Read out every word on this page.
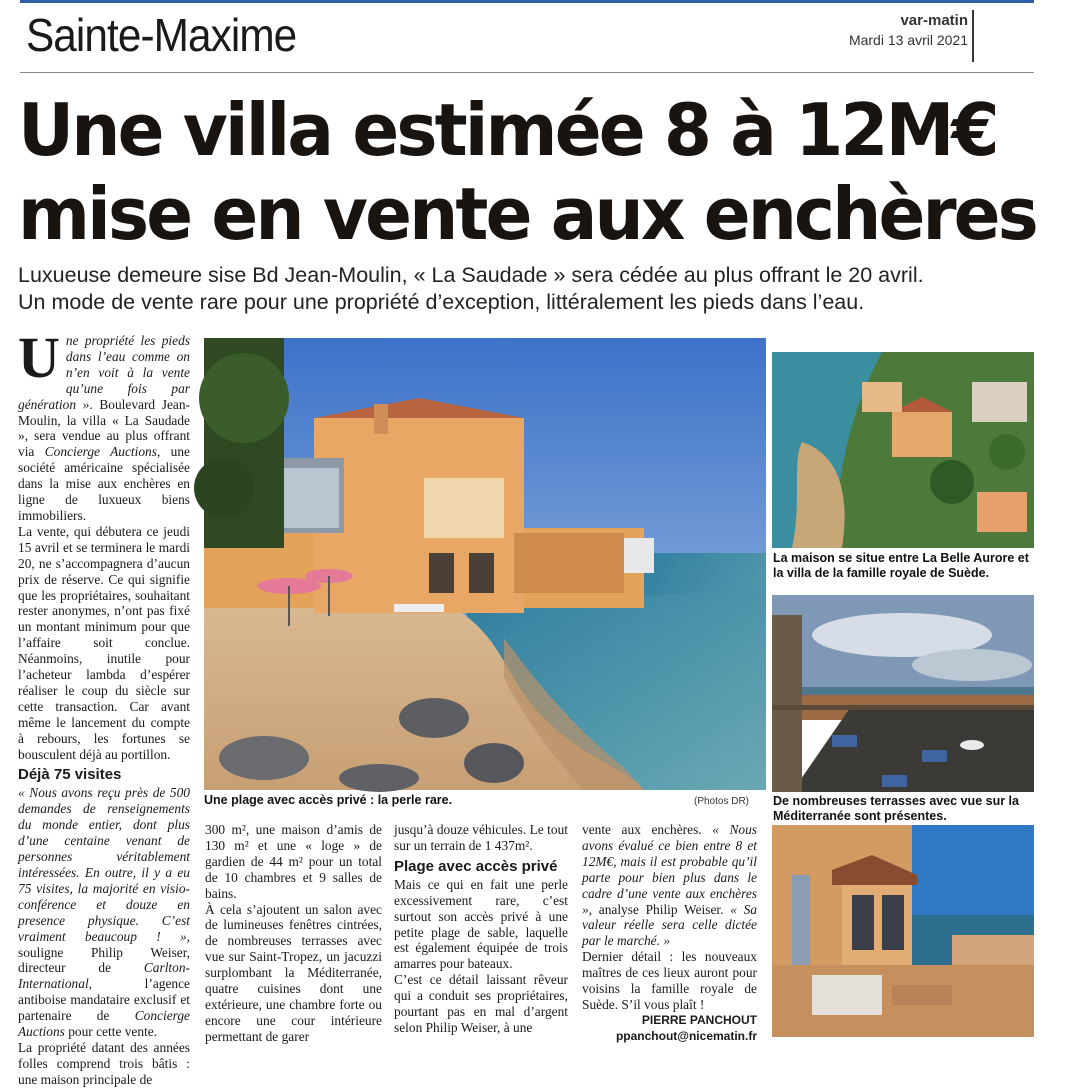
Sainte-Maxime	var-matin
Mardi 13 avril 2021
Une villa estimée 8 à 12M€
mise en vente aux enchères
Luxueuse demeure sise Bd Jean-Moulin, « La Saudade » sera cédée au plus offrant le 20 avril.
Un mode de vente rare pour une propriété d’exception, littéralement les pieds dans l’eau.

Une propriété les pieds dans l’eau comme on n’en voit à la vente qu’une fois par génération ». Boulevard Jean-Moulin, la villa « La Saudade », sera vendue au plus offrant via Concierge Auctions, une société américaine spécialisée dans la mise aux enchères en ligne de luxueux biens immobiliers.

La vente, qui débutera ce jeudi 15 avril et se terminera le mardi 20, ne s’accompagnera d’aucun prix de réserve. Ce qui signifie que les propriétaires, souhaitant rester anonymes, n’ont pas fixé un montant minimum pour que l’affaire soit conclue. Néanmoins, inutile pour l’acheteur lambda d’espérer réaliser le coup du siècle sur cette transaction. Car avant même le lancement du compte à rebours, les fortunes se bousculent déjà au portillon.

Déjà 75 visites

« Nous avons reçu près de 500 demandes de renseignements du monde entier, dont plus d’une centaine venant de personnes véritablement intéressées. En outre, il y a eu 75 visites, la majorité en visio-conférence et douze en presence physique. C’est vraiment beaucoup ! », souligne Philip Weiser, directeur de Carlton-International, l’agence antiboise mandataire exclusif et partenaire de Concierge Auctions pour cette vente.

La propriété datant des années folles comprend trois bâtis : une maison principale de

Une plage avec accès privé : la perle rare.	(Photos DR)
La maison se situe entre La Belle Aurore et la villa de la famille royale de Suède.
De nombreuses terrasses avec vue sur la Méditerranée sont présentes.

300 m², une maison d’amis de 130 m² et une « loge » de gardien de 44 m² pour un total de 10 chambres et 9 salles de bains.

À cela s’ajoutent un salon avec de lumineuses fenêtres cintrées, de nombreuses terrasses avec vue sur Saint-Tropez, un jacuzzi surplombant la Méditerranée, quatre cuisines dont une extérieure, une chambre forte ou encore une cour intérieure permettant de garer

jusqu’à douze véhicules. Le tout sur un terrain de 1 437m².

Plage avec accès privé

Mais ce qui en fait une perle excessivement rare, c’est surtout son accès privé à une petite plage de sable, laquelle est également équipée de trois amarres pour bateaux.

C’est ce détail laissant rêveur qui a conduit ses propriétaires, pourtant pas en mal d’argent selon Philip Weiser, à une

vente aux enchères. « Nous avons évalué ce bien entre 8 et 12M€, mais il est probable qu’il parte pour bien plus dans le cadre d’une vente aux enchères », analyse Philip Weiser. « Sa valeur réelle sera celle dictée par le marché. »

Dernier détail : les nouveaux maîtres de ces lieux auront pour voisins la famille royale de Suède. S’il vous plaît !

PIERRE PANCHOUT
ppanchout@nicematin.fr
